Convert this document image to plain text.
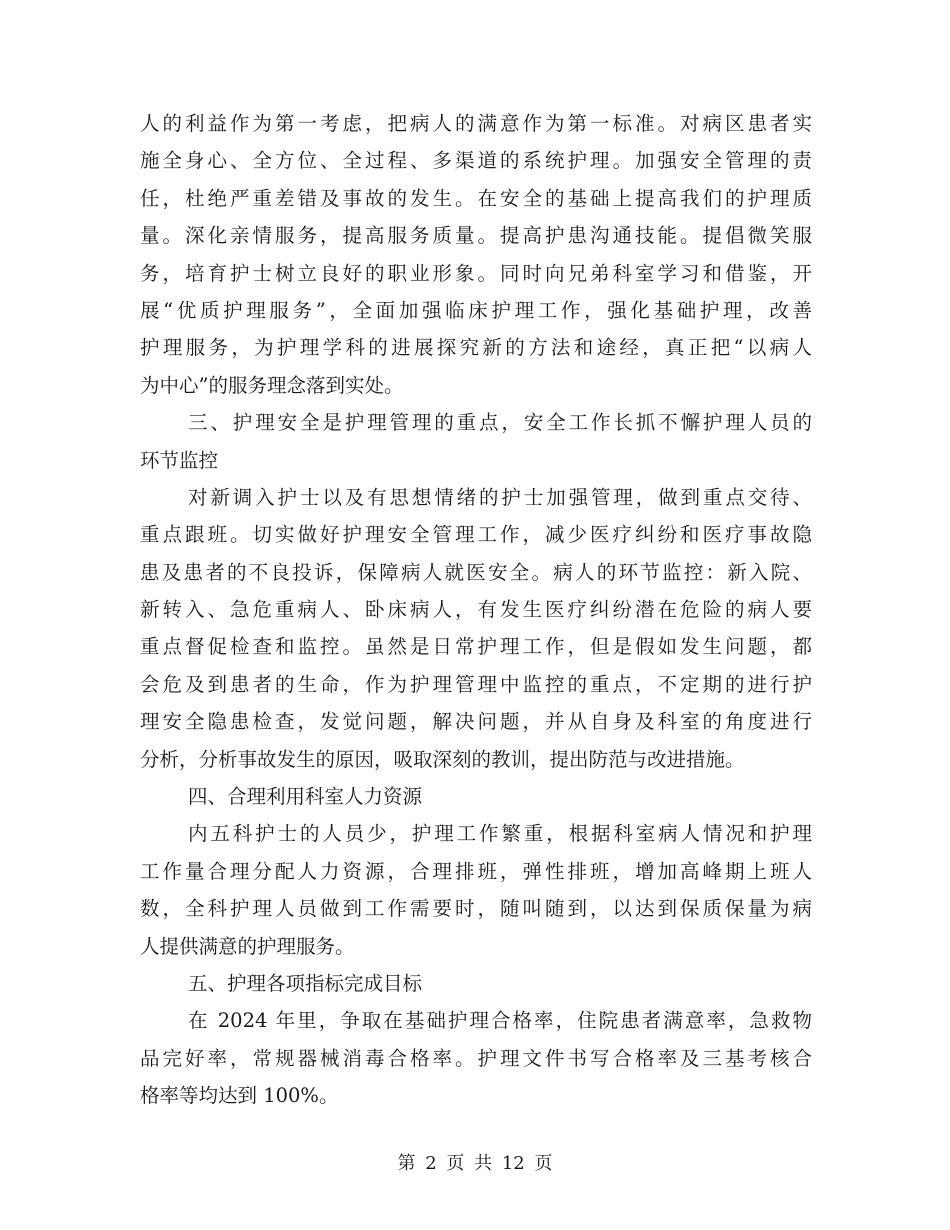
人的利益作为第一考虑，把病人的满意作为第一标准。对病区患者实
施全身心、全方位、全过程、多渠道的系统护理。加强安全管理的责
任，杜绝严重差错及事故的发生。在安全的基础上提高我们的护理质
量。深化亲情服务，提高服务质量。提高护患沟通技能。提倡微笑服
务，培育护士树立良好的职业形象。同时向兄弟科室学习和借鉴，开
展“优质护理服务”，全面加强临床护理工作，强化基础护理，改善
护理服务，为护理学科的进展探究新的方法和途经，真正把“以病人
为中心”的服务理念落到实处。
三、护理安全是护理管理的重点，安全工作长抓不懈护理人员的
环节监控
对新调入护士以及有思想情绪的护士加强管理，做到重点交待、
重点跟班。切实做好护理安全管理工作，减少医疗纠纷和医疗事故隐
患及患者的不良投诉，保障病人就医安全。病人的环节监控：新入院、
新转入、急危重病人、卧床病人，有发生医疗纠纷潜在危险的病人要
重点督促检查和监控。虽然是日常护理工作，但是假如发生问题，都
会危及到患者的生命，作为护理管理中监控的重点，不定期的进行护
理安全隐患检查，发觉问题，解决问题，并从自身及科室的角度进行
分析，分析事故发生的原因，吸取深刻的教训，提出防范与改进措施。
四、合理利用科室人力资源
内五科护士的人员少，护理工作繁重，根据科室病人情况和护理
工作量合理分配人力资源，合理排班，弹性排班，增加高峰期上班人
数，全科护理人员做到工作需要时，随叫随到，以达到保质保量为病
人提供满意的护理服务。
五、护理各项指标完成目标
在 2024 年里，争取在基础护理合格率，住院患者满意率，急救物
品完好率，常规器械消毒合格率。护理文件书写合格率及三基考核合
格率等均达到 100%。
第 2 页 共 12 页
